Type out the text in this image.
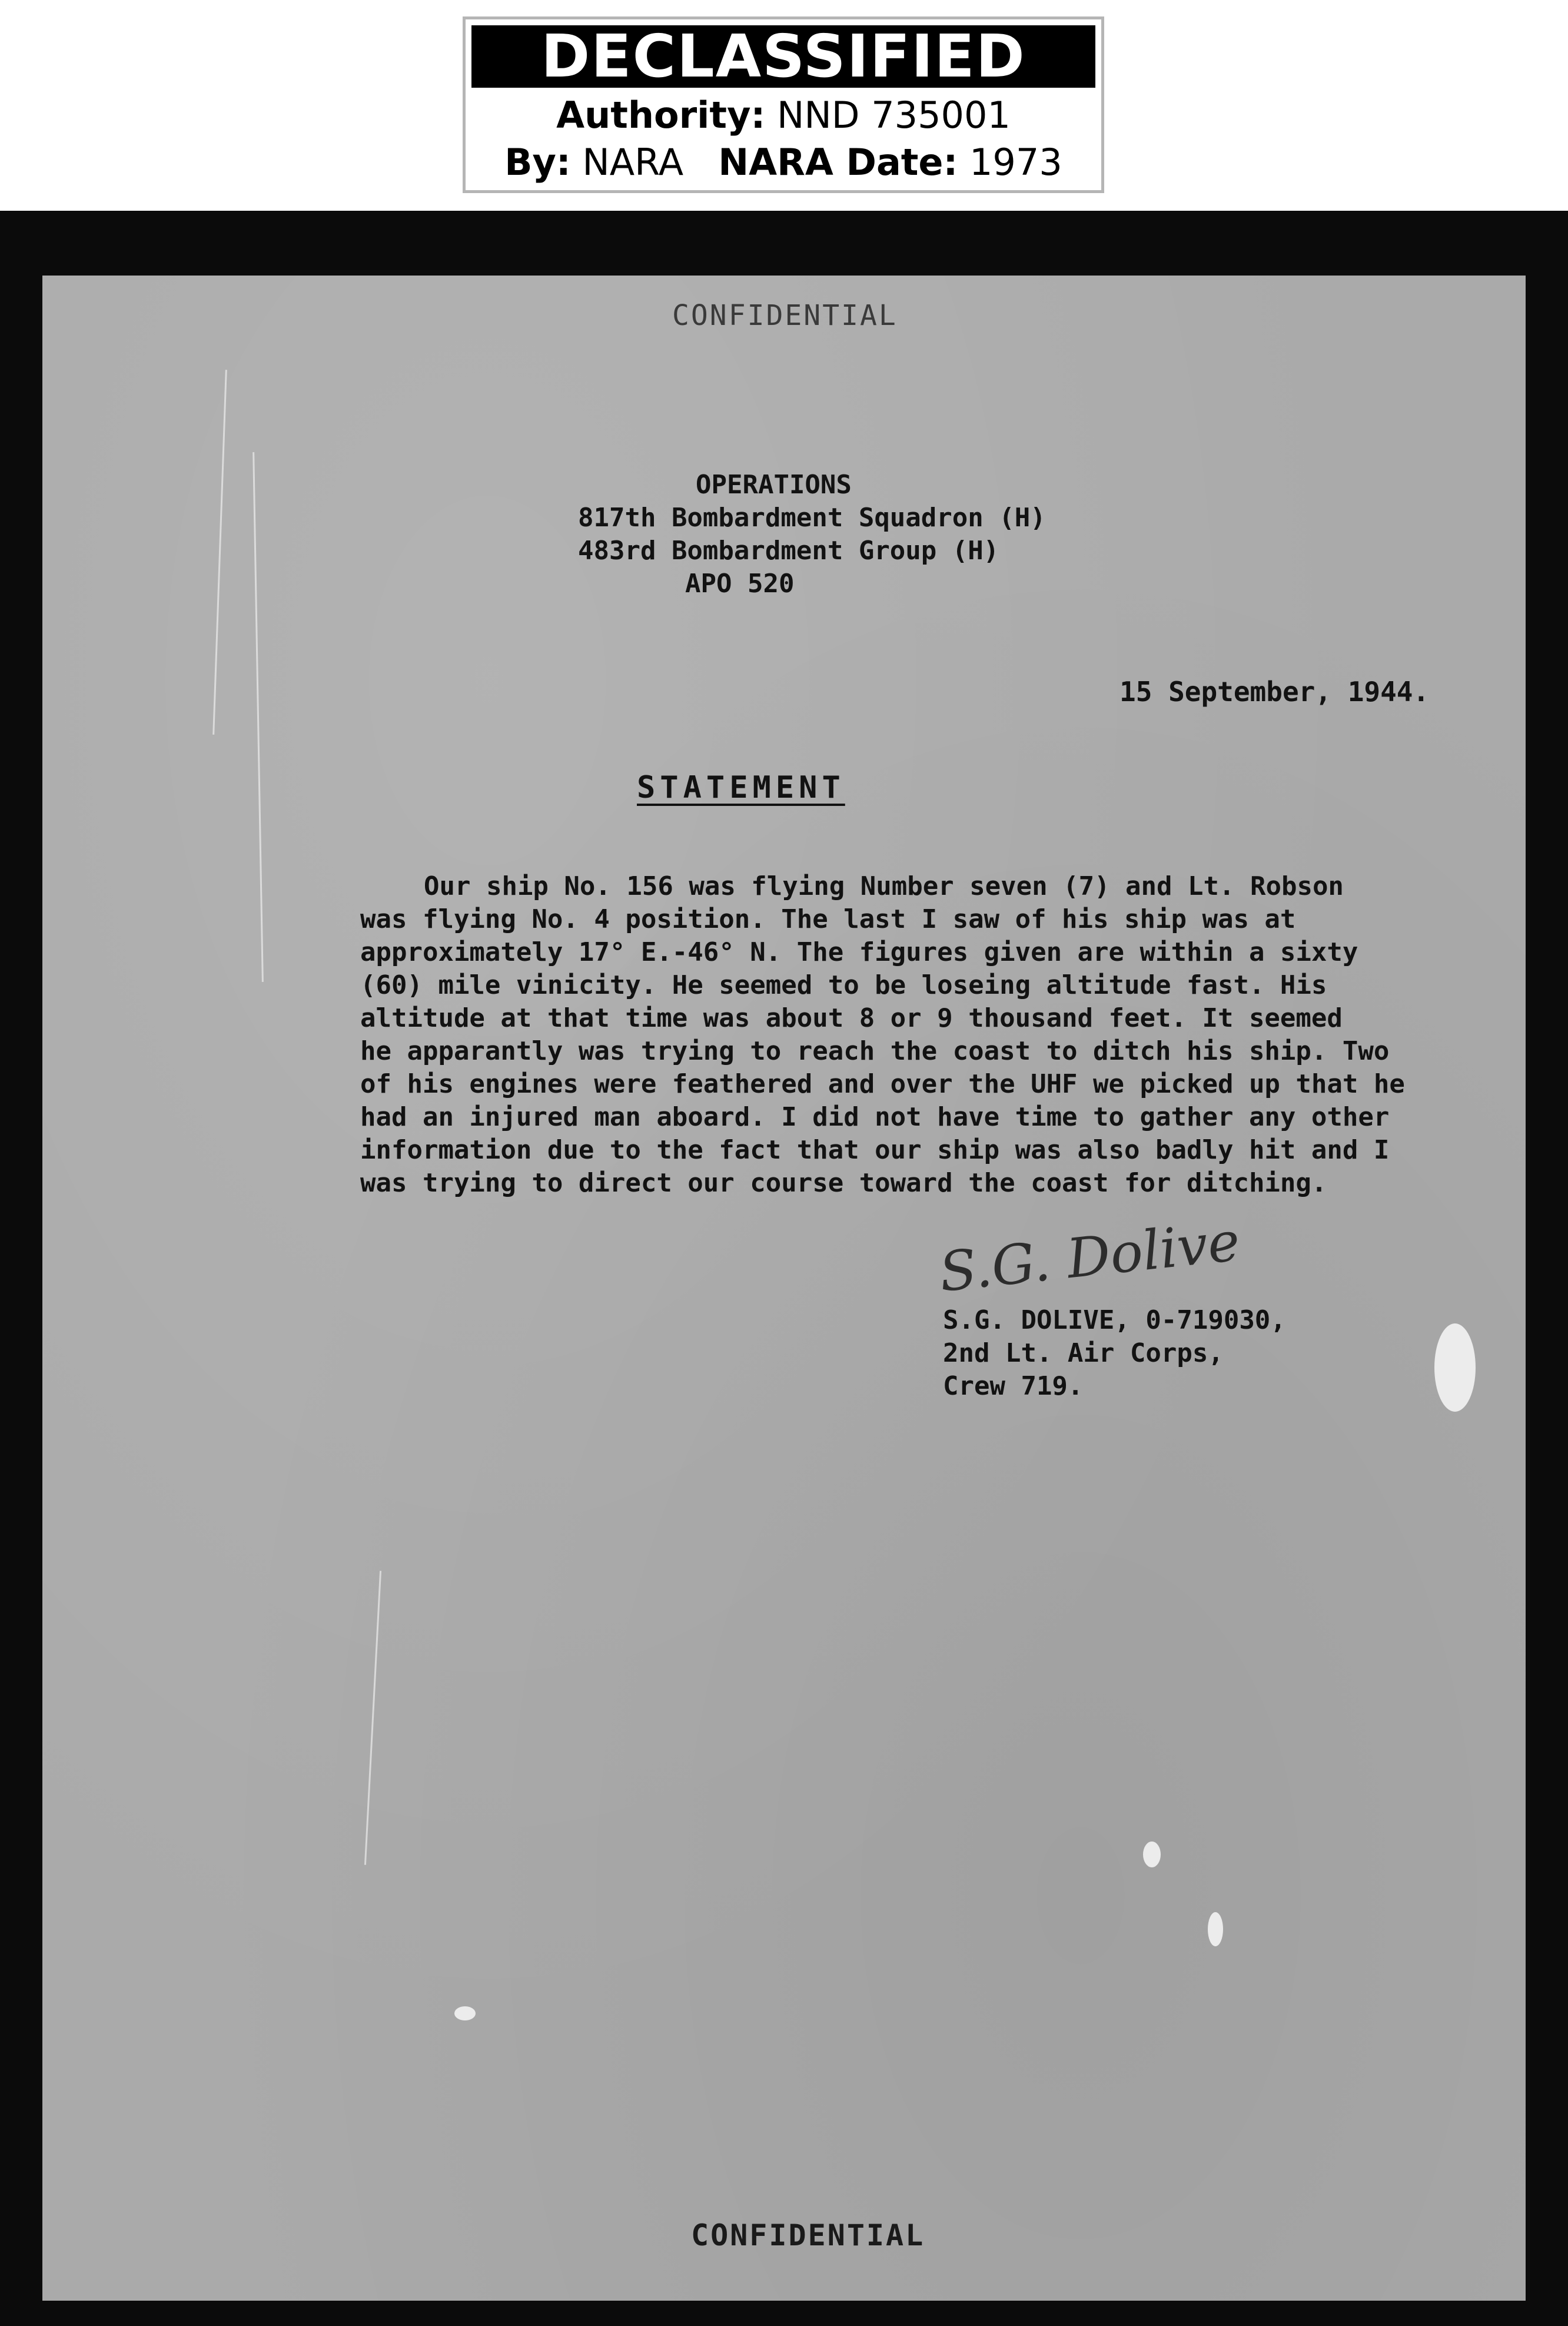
DECLASSIFIED
Authority: NND 735001
By: NARA NARA Date: 1973
CONFIDENTIAL
OPERATIONS
817th Bombardment Squadron (H)
483rd Bombardment Group (H)
APO 520
15 September, 1944.
STATEMENT
Our ship No. 156 was flying Number seven (7) and Lt. Robson
was flying No. 4 position. The last I saw of his ship was at
approximately 17° E.-46° N. The figures given are within a sixty
(60) mile vinicity. He seemed to be loseing altitude fast. His
altitude at that time was about 8 or 9 thousand feet. It seemed
he apparantly was trying to reach the coast to ditch his ship. Two
of his engines were feathered and over the UHF we picked up that he
had an injured man aboard. I did not have time to gather any other
information due to the fact that our ship was also badly hit and I
was trying to direct our course toward the coast for ditching.
S.G. Dolive
S.G. DOLIVE, 0-719030,
2nd Lt. Air Corps,
Crew 719.
CONFIDENTIAL
